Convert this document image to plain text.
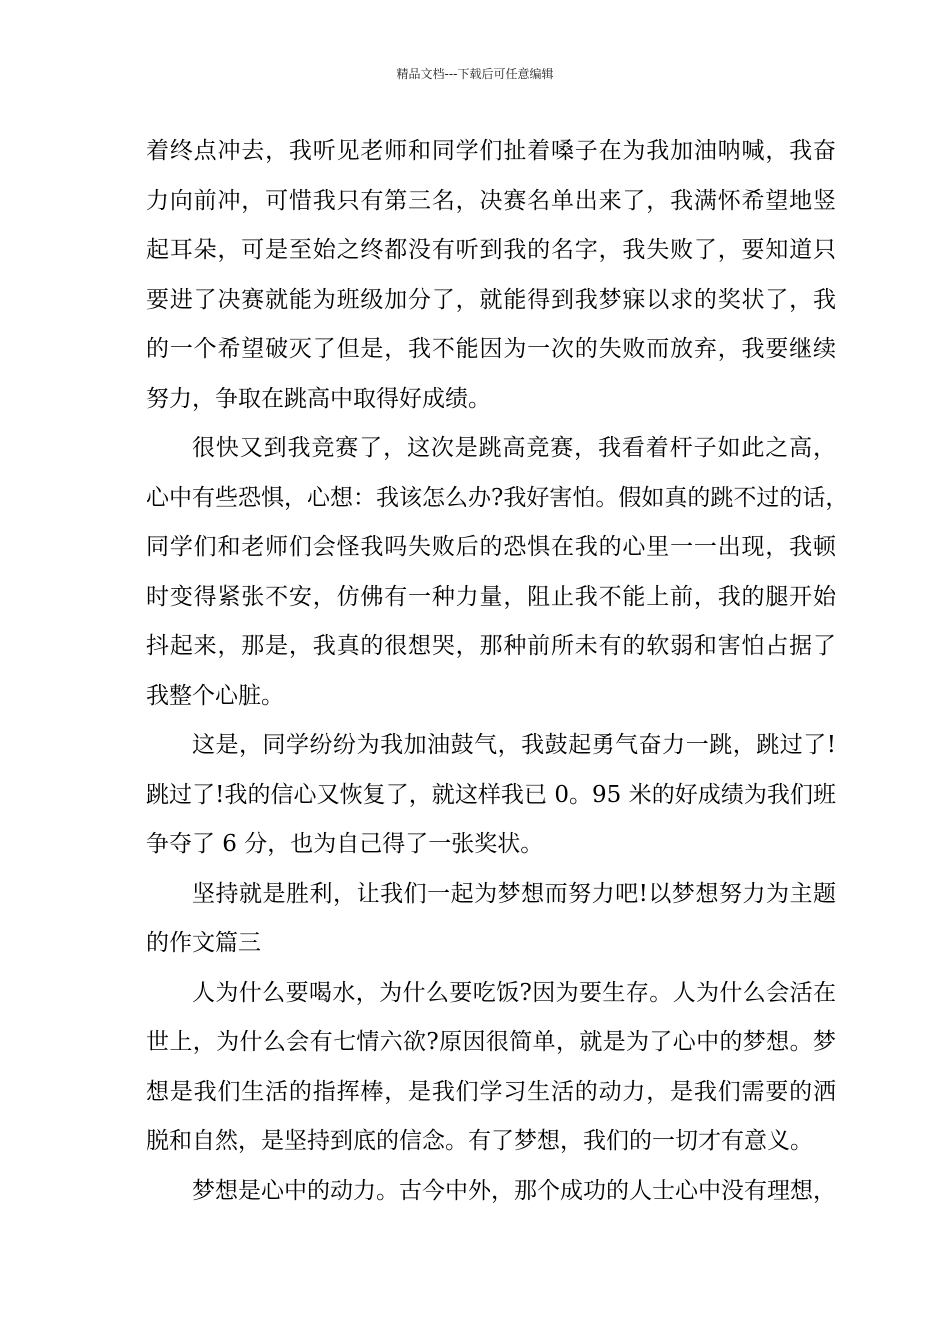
精品文档---下载后可任意编辑
着终点冲去，我听见老师和同学们扯着嗓子在为我加油呐喊，我奋
力向前冲，可惜我只有第三名，决赛名单出来了，我满怀希望地竖
起耳朵，可是至始之终都没有听到我的名字，我失败了，要知道只
要进了决赛就能为班级加分了，就能得到我梦寐以求的奖状了，我
的一个希望破灭了但是，我不能因为一次的失败而放弃，我要继续
努力，争取在跳高中取得好成绩。
很快又到我竞赛了，这次是跳高竞赛，我看着杆子如此之高，
心中有些恐惧，心想：我该怎么办?我好害怕。假如真的跳不过的话，
同学们和老师们会怪我吗失败后的恐惧在我的心里一一出现，我顿
时变得紧张不安，仿佛有一种力量，阻止我不能上前，我的腿开始
抖起来，那是，我真的很想哭，那种前所未有的软弱和害怕占据了
我整个心脏。
这是，同学纷纷为我加油鼓气，我鼓起勇气奋力一跳，跳过了!
跳过了!我的信心又恢复了，就这样我已 0。95 米的好成绩为我们班
争夺了 6 分，也为自己得了一张奖状。
坚持就是胜利，让我们一起为梦想而努力吧!以梦想努力为主题
的作文篇三
人为什么要喝水，为什么要吃饭?因为要生存。人为什么会活在
世上，为什么会有七情六欲?原因很简单，就是为了心中的梦想。梦
想是我们生活的指挥棒，是我们学习生活的动力，是我们需要的洒
脱和自然，是坚持到底的信念。有了梦想，我们的一切才有意义。
梦想是心中的动力。古今中外，那个成功的人士心中没有理想，
